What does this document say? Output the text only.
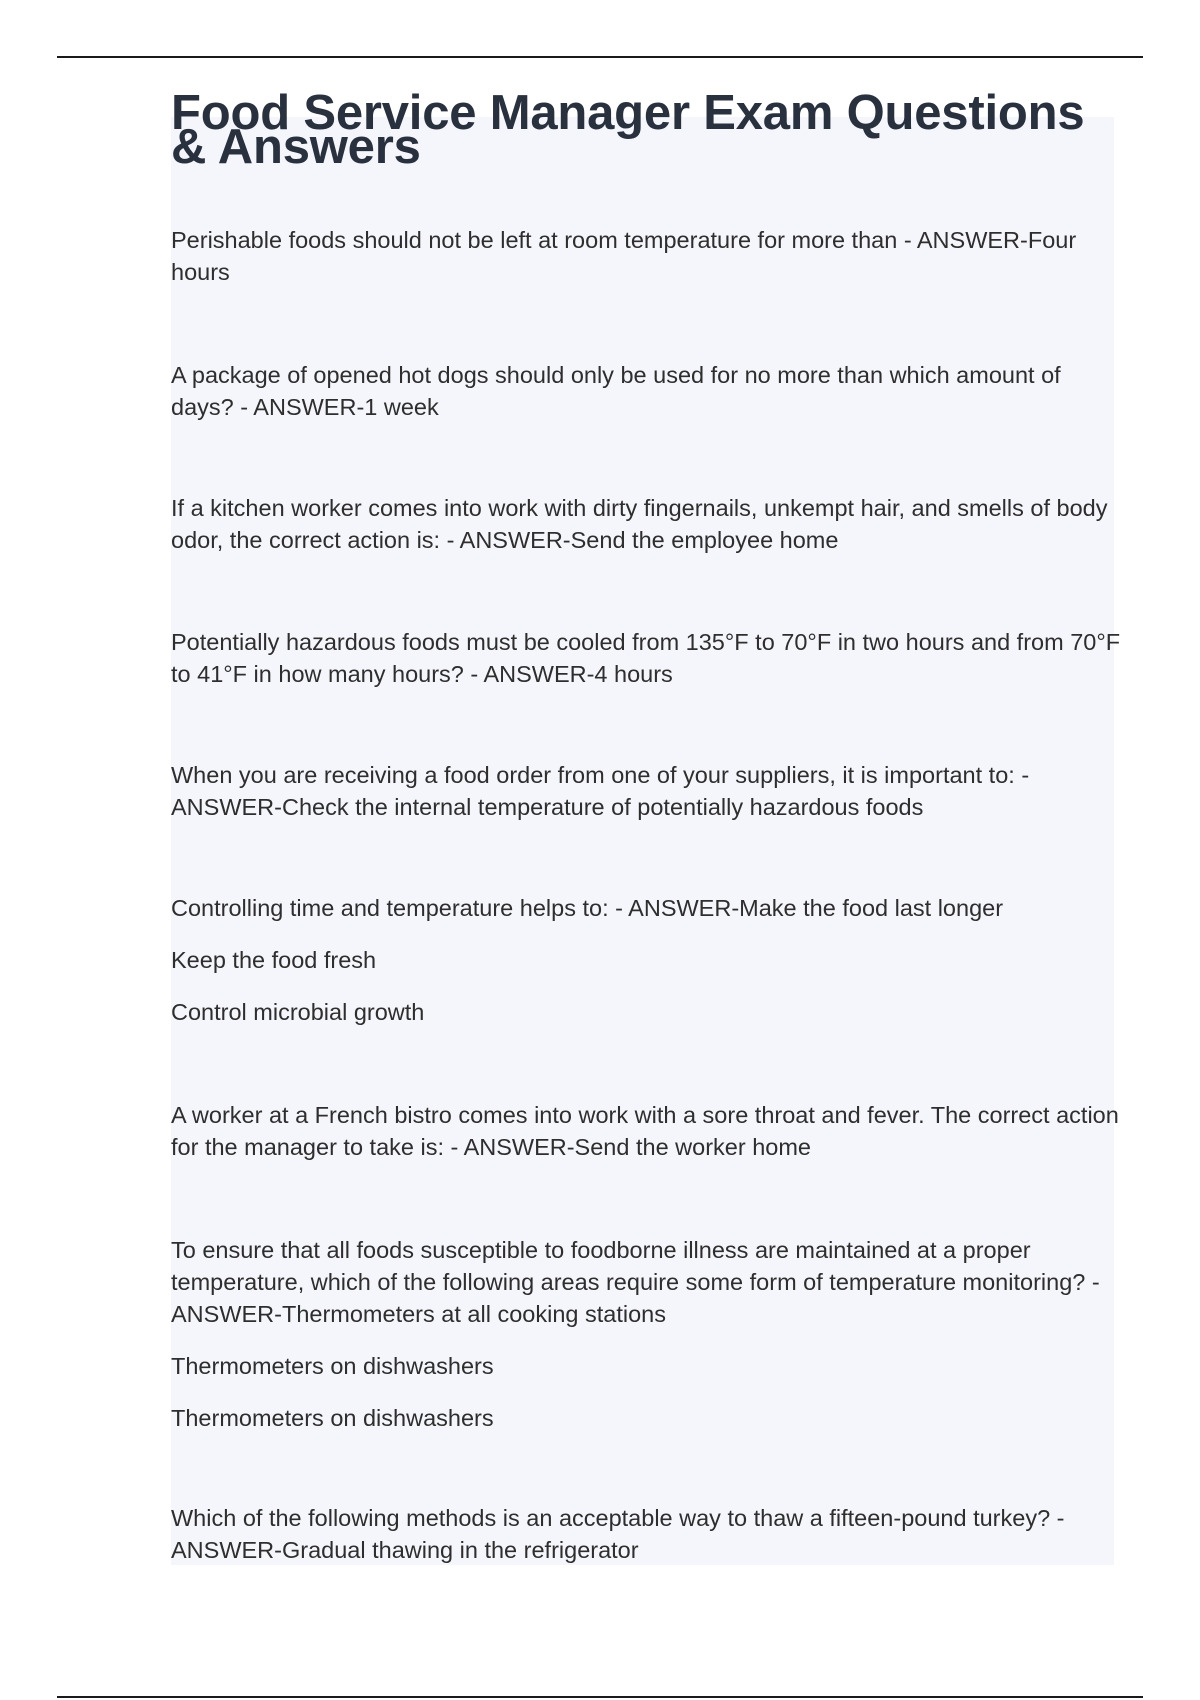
Food Service Manager Exam Questions & Answers

Perishable foods should not be left at room temperature for more than - ANSWER-Four hours

A package of opened hot dogs should only be used for no more than which amount of days? - ANSWER-1 week

If a kitchen worker comes into work with dirty fingernails, unkempt hair, and smells of body odor, the correct action is: - ANSWER-Send the employee home

Potentially hazardous foods must be cooled from 135°F to 70°F in two hours and from 70°F to 41°F in how many hours? - ANSWER-4 hours

When you are receiving a food order from one of your suppliers, it is important to: - ANSWER-Check the internal temperature of potentially hazardous foods

Controlling time and temperature helps to: - ANSWER-Make the food last longer

Keep the food fresh

Control microbial growth

A worker at a French bistro comes into work with a sore throat and fever. The correct action for the manager to take is: - ANSWER-Send the worker home

To ensure that all foods susceptible to foodborne illness are maintained at a proper temperature, which of the following areas require some form of temperature monitoring? - ANSWER-Thermometers at all cooking stations

Thermometers on dishwashers

Thermometers on dishwashers

Which of the following methods is an acceptable way to thaw a fifteen-pound turkey? - ANSWER-Gradual thawing in the refrigerator
